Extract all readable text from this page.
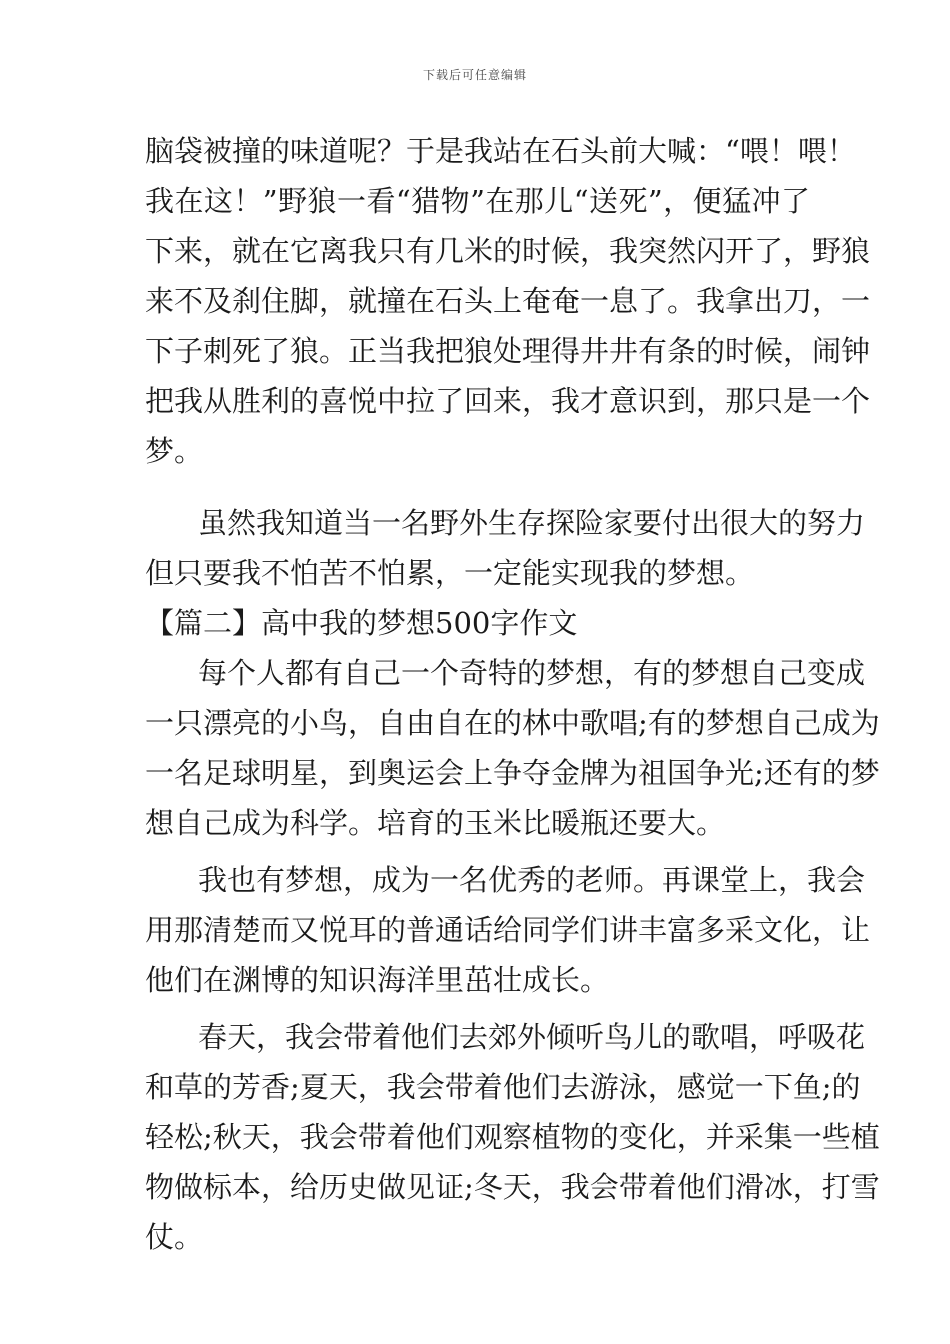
下载后可任意编辑
脑袋被撞的味道呢？于是我站在石头前大喊：“喂！喂！
我在这！”野狼一看“猎物”在那儿“送死”，便猛冲了
下来，就在它离我只有几米的时候，我突然闪开了，野狼
来不及刹住脚，就撞在石头上奄奄一息了。我拿出刀，一
下子刺死了狼。正当我把狼处理得井井有条的时候，闹钟
把我从胜利的喜悦中拉了回来，我才意识到，那只是一个
梦。
虽然我知道当一名野外生存探险家要付出很大的努力
但只要我不怕苦不怕累，一定能实现我的梦想。
【篇二】高中我的梦想500字作文
每个人都有自己一个奇特的梦想，有的梦想自己变成
一只漂亮的小鸟，自由自在的林中歌唱;有的梦想自己成为
一名足球明星，到奥运会上争夺金牌为祖国争光;还有的梦
想自己成为科学。培育的玉米比暖瓶还要大。
我也有梦想，成为一名优秀的老师。再课堂上，我会
用那清楚而又悦耳的普通话给同学们讲丰富多采文化，让
他们在渊博的知识海洋里茁壮成长。
春天，我会带着他们去郊外倾听鸟儿的歌唱，呼吸花
和草的芳香;夏天，我会带着他们去游泳，感觉一下鱼;的
轻松;秋天，我会带着他们观察植物的变化，并采集一些植
物做标本，给历史做见证;冬天，我会带着他们滑冰，打雪
仗。
